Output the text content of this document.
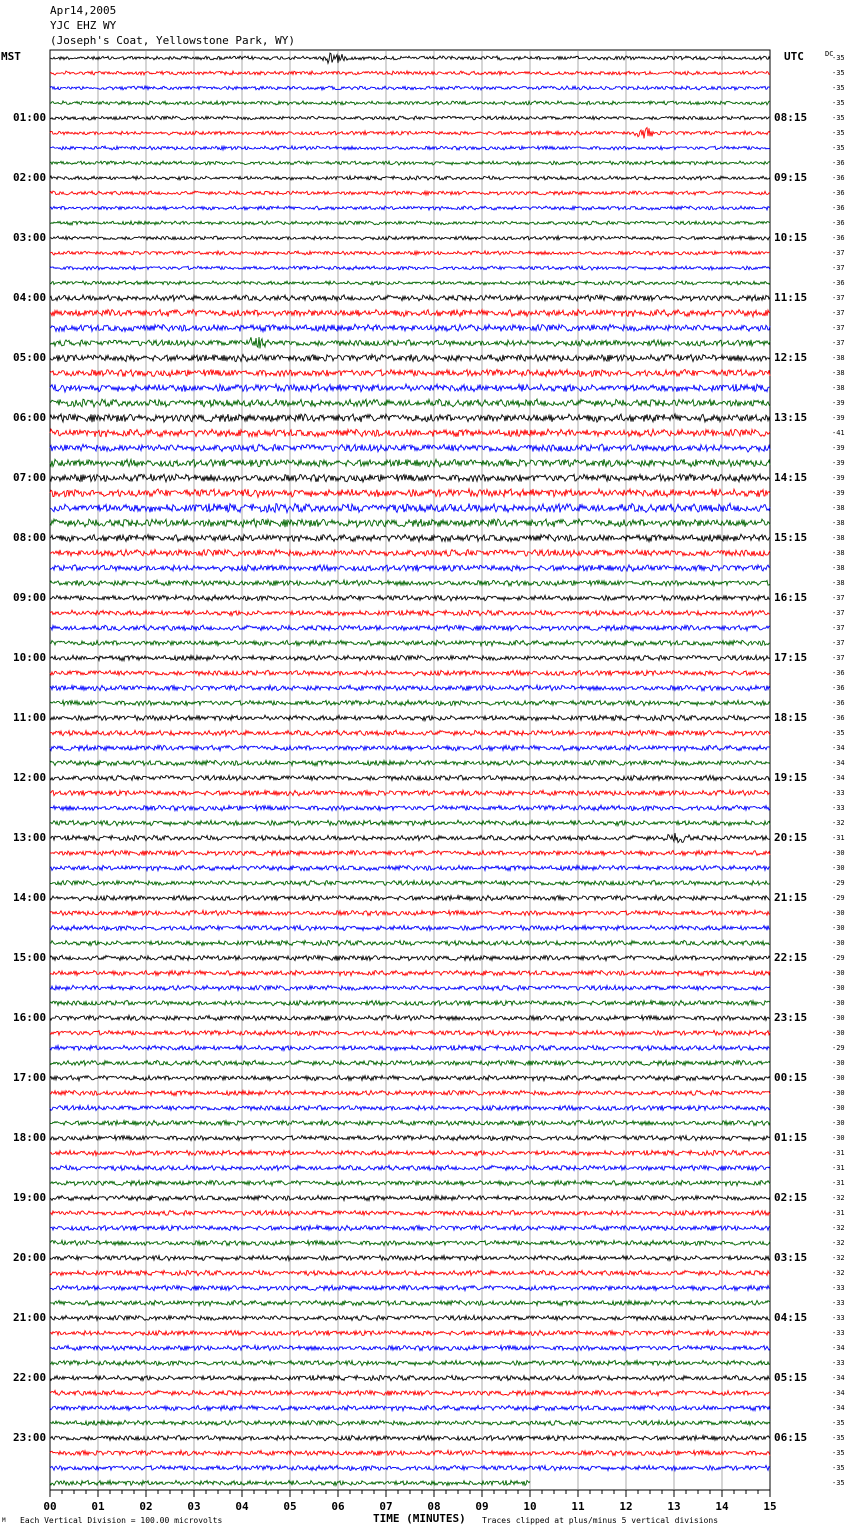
Apr14,2005
YJC EHZ WY
(Joseph's Coat, Yellowstone Park, WY)
MST	UTC	DC
00	01	02	03	04	05	06	07	08	09	10	11	12	13	14	15
01:00
02:00
03:00
04:00
05:00
06:00
07:00
08:00
09:00
10:00
11:00
12:00
13:00
14:00
15:00
16:00
17:00
18:00
19:00
20:00
21:00
22:00
23:00
08:15
09:15
10:15
11:15
12:15
13:15
14:15
15:15
16:15
17:15
18:15
19:15
20:15
21:15
22:15
23:15
00:15
01:15
02:15
03:15
04:15
05:15
06:15
-35
-35
-35
-35
-35
-35
-35
-36
-36
-36
-36
-36
-36
-37
-37
-36
-37
-37
-37
-37
-38
-38
-38
-39
-39
-41
-39
-39
-39
-39
-38
-38
-38
-38
-38
-38
-37
-37
-37
-37
-37
-36
-36
-36
-36
-35
-34
-34
-34
-33
-33
-32
-31
-30
-30
-29
-29
-30
-30
-30
-29
-30
-30
-30
-30
-30
-29
-30
-30
-30
-30
-30
-30
-31
-31
-31
-32
-31
-32
-32
-32
-32
-33
-33
-33
-33
-34
-33
-34
-34
-34
-35
-35
-35
-35
-35
M Each Vertical Division = 100.00 microvolts	TIME (MINUTES) Traces clipped at plus/minus 5 vertical divisions
